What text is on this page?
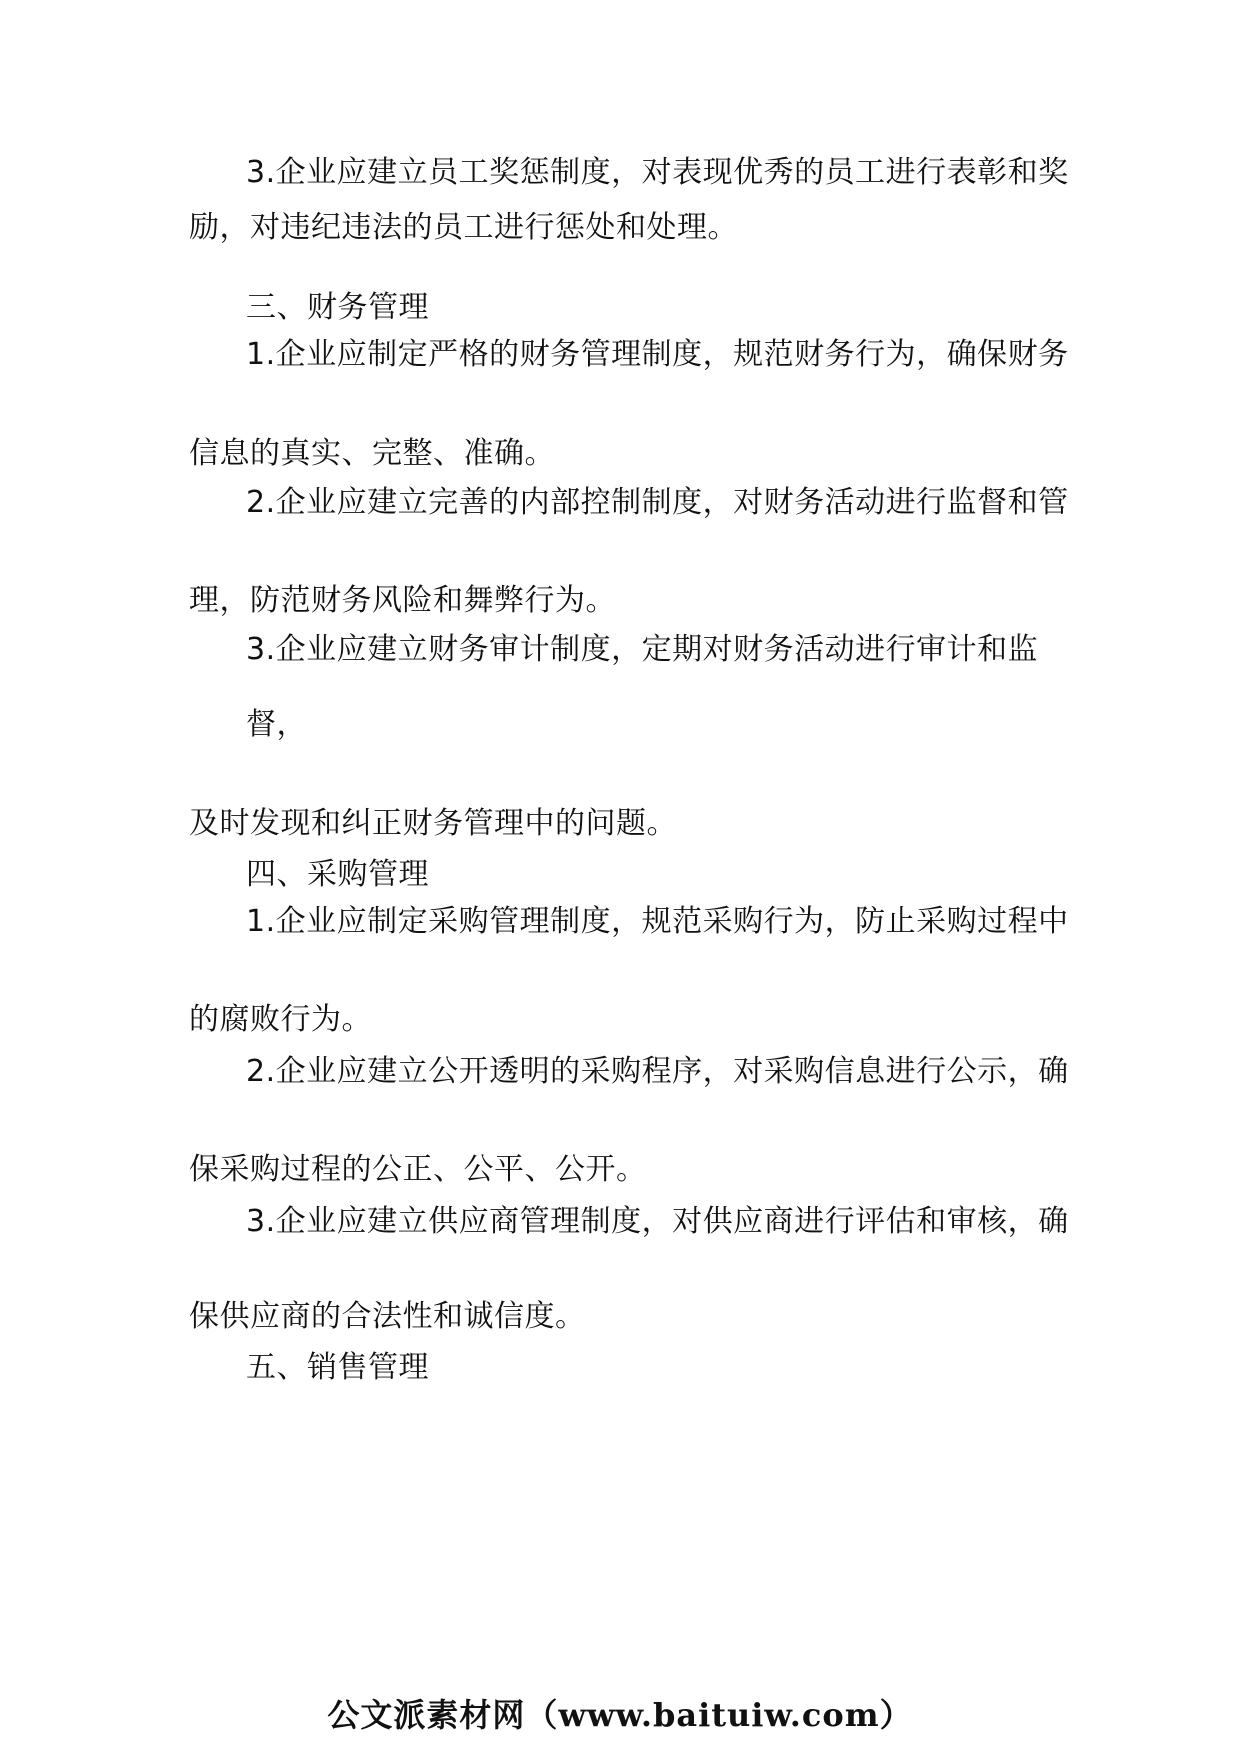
3.企业应建立员工奖惩制度，对表现优秀的员工进行表彰和奖

励，对违纪违法的员工进行惩处和处理。

三、财务管理

1.企业应制定严格的财务管理制度，规范财务行为，确保财务

信息的真实、完整、准确。

2.企业应建立完善的内部控制制度，对财务活动进行监督和管

理，防范财务风险和舞弊行为。

3.企业应建立财务审计制度，定期对财务活动进行审计和监

督，

及时发现和纠正财务管理中的问题。

四、采购管理

1.企业应制定采购管理制度，规范采购行为，防止采购过程中

的腐败行为。

2.企业应建立公开透明的采购程序，对采购信息进行公示，确

保采购过程的公正、公平、公开。

3.企业应建立供应商管理制度，对供应商进行评估和审核，确

保供应商的合法性和诚信度。

五、销售管理

公文派素材网（www.baituiw.com）
